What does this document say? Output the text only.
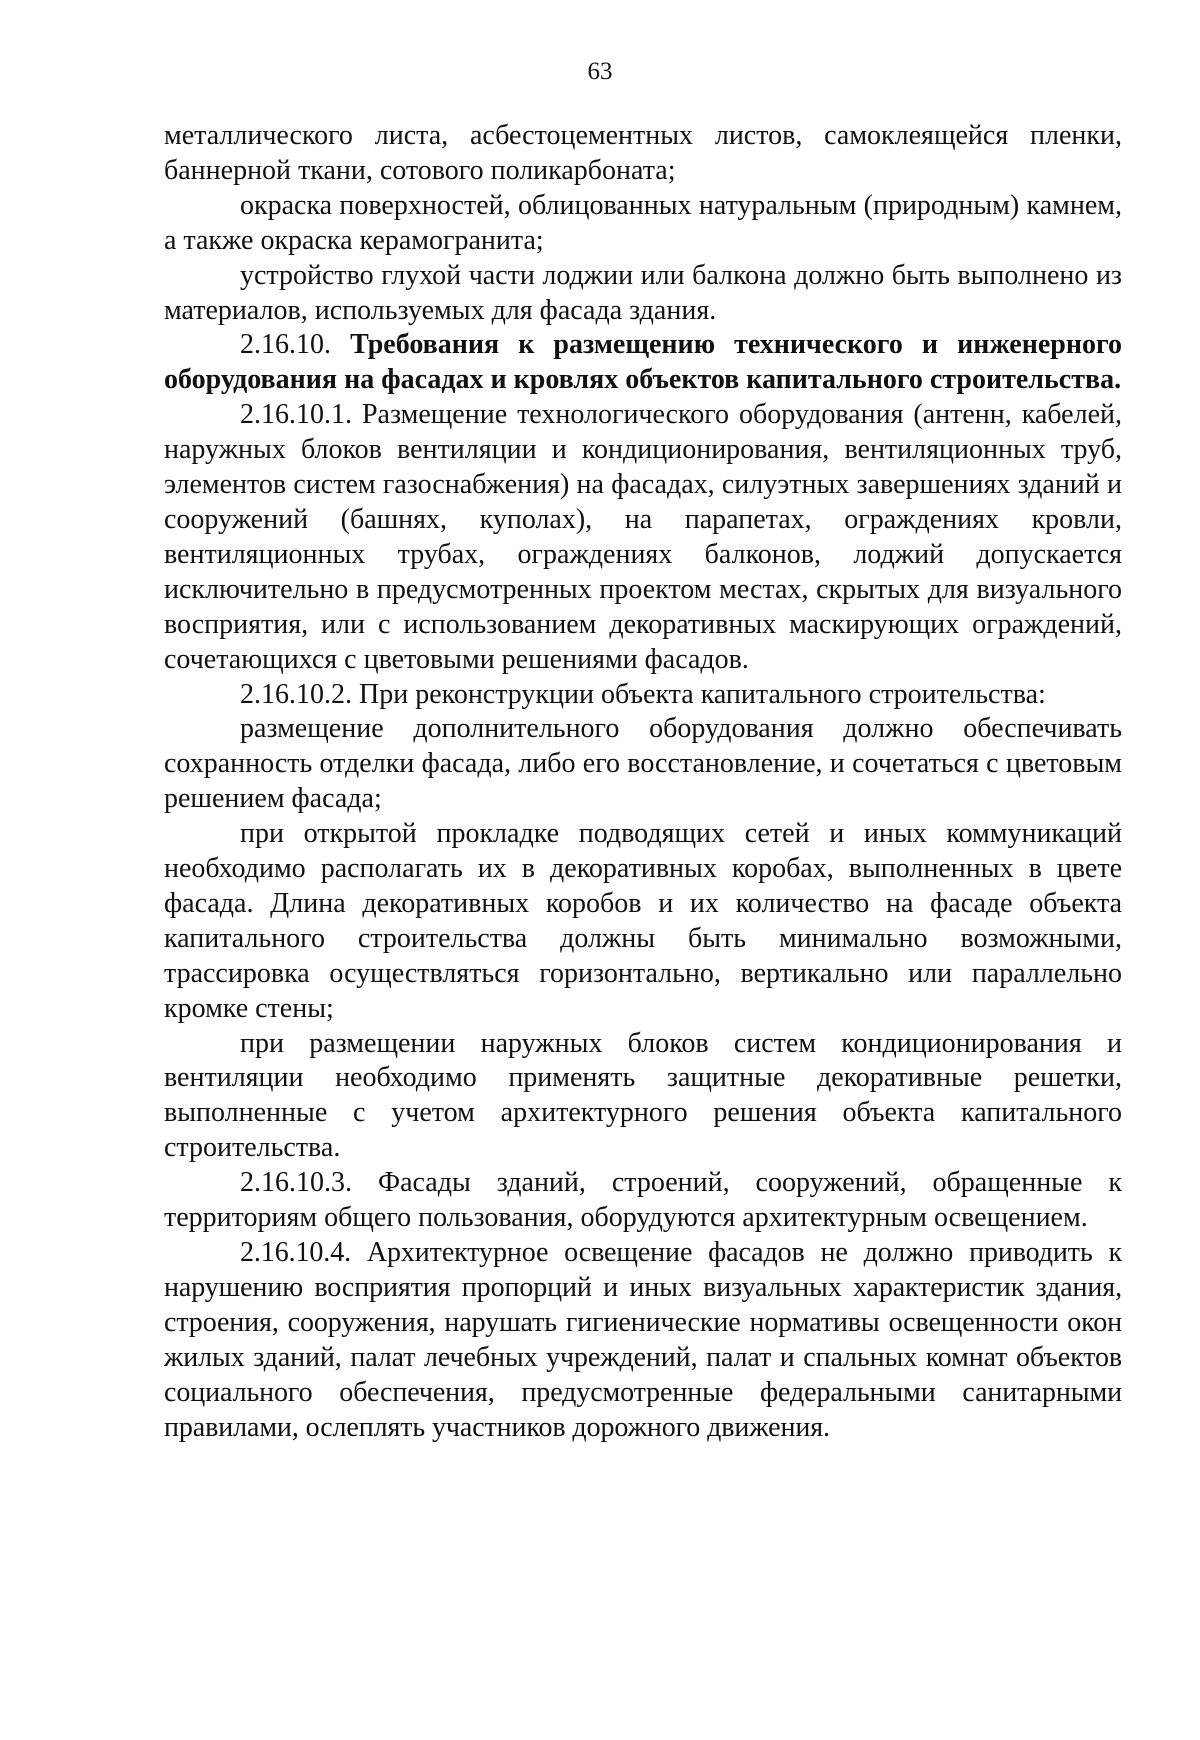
63

металлического листа, асбестоцементных листов, самоклеящейся пленки, баннерной ткани, сотового поликарбоната;

окраска поверхностей, облицованных натуральным (природным) камнем, а также окраска керамогранита;

устройство глухой части лоджии или балкона должно быть выполнено из материалов, используемых для фасада здания.

2.16.10. Требования к размещению технического и инженерного оборудования на фасадах и кровлях объектов капитального строительства.

2.16.10.1. Размещение технологического оборудования (антенн, кабелей, наружных блоков вентиляции и кондиционирования, вентиляционных труб, элементов систем газоснабжения) на фасадах, силуэтных завершениях зданий и сооружений (башнях, куполах), на парапетах, ограждениях кровли, вентиляционных трубах, ограждениях балконов, лоджий допускается исключительно в предусмотренных проектом местах, скрытых для визуального восприятия, или с использованием декоративных маскирующих ограждений, сочетающихся с цветовыми решениями фасадов.

2.16.10.2. При реконструкции объекта капитального строительства:

размещение дополнительного оборудования должно обеспечивать сохранность отделки фасада, либо его восстановление, и сочетаться с цветовым решением фасада;

при открытой прокладке подводящих сетей и иных коммуникаций необходимо располагать их в декоративных коробах, выполненных в цвете фасада. Длина декоративных коробов и их количество на фасаде объекта капитального строительства должны быть минимально возможными, трассировка осуществляться горизонтально, вертикально или параллельно кромке стены;

при размещении наружных блоков систем кондиционирования и вентиляции необходимо применять защитные декоративные решетки, выполненные с учетом архитектурного решения объекта капитального строительства.

2.16.10.3. Фасады зданий, строений, сооружений, обращенные к территориям общего пользования, оборудуются архитектурным освещением.

2.16.10.4. Архитектурное освещение фасадов не должно приводить к нарушению восприятия пропорций и иных визуальных характеристик здания, строения, сооружения, нарушать гигиенические нормативы освещенности окон жилых зданий, палат лечебных учреждений, палат и спальных комнат объектов социального обеспечения, предусмотренные федеральными санитарными правилами, ослеплять участников дорожного движения.
